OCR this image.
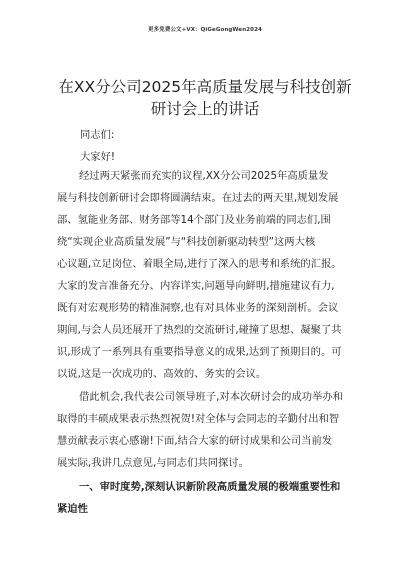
更多免费公文+VX：QiGeGongWen2024
在XX分公司2025年高质量发展与科技创新
研讨会上的讲话
同志们:
大家好!
经过两天紧张而充实的议程,XX分公司2025年高质量发
展与科技创新研讨会即将圆满结束。在过去的两天里,规划发展
部、氢能业务部、财务部等14个部门及业务前端的同志们,围
绕“实现企业高质量发展”与“科技创新驱动转型”这两大核
心议题,立足岗位、着眼全局,进行了深入的思考和系统的汇报。
大家的发言准备充分、内容详实,问题导向鲜明,措施建议有力,
既有对宏观形势的精准洞察,也有对具体业务的深刻剖析。会议
期间,与会人员还展开了热烈的交流研讨,碰撞了思想、凝聚了共
识,形成了一系列具有重要指导意义的成果,达到了预期目的。可
以说,这是一次成功的、高效的、务实的会议。
借此机会,我代表公司领导班子,对本次研讨会的成功举办和
取得的丰硕成果表示热烈祝贺!对全体与会同志的辛勤付出和智
慧贡献表示衷心感谢!下面,结合大家的研讨成果和公司当前发
展实际,我讲几点意见,与同志们共同探讨。
一、审时度势,深刻认识新阶段高质量发展的极端重要性和
紧迫性
